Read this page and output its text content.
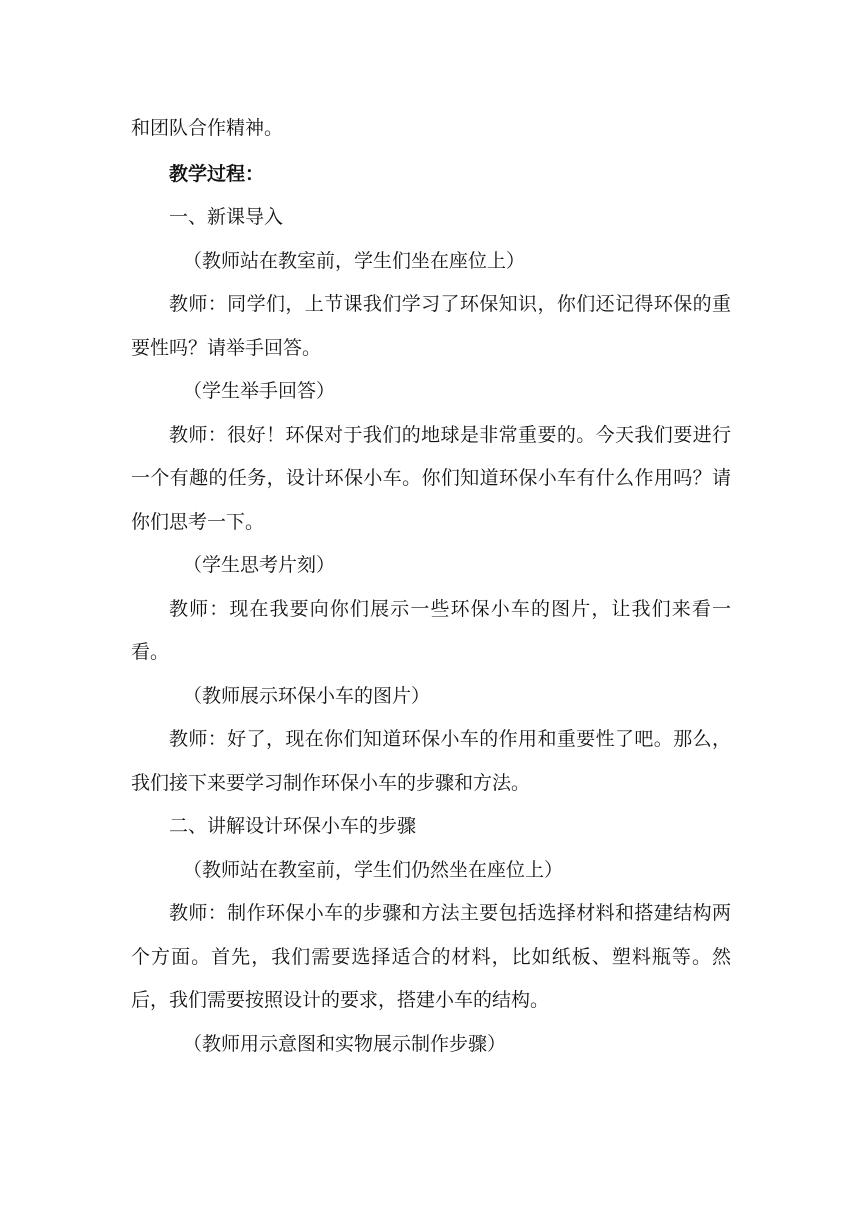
和团队合作精神。

教学过程：

一、新课导入

（教师站在教室前，学生们坐在座位上）

教师：同学们，上节课我们学习了环保知识，你们还记得环保的重要性吗？请举手回答。

（学生举手回答）

教师：很好！环保对于我们的地球是非常重要的。今天我们要进行一个有趣的任务，设计环保小车。你们知道环保小车有什么作用吗？请你们思考一下。

（学生思考片刻）

教师：现在我要向你们展示一些环保小车的图片，让我们来看一看。

（教师展示环保小车的图片）

教师：好了，现在你们知道环保小车的作用和重要性了吧。那么，我们接下来要学习制作环保小车的步骤和方法。

二、讲解设计环保小车的步骤

（教师站在教室前，学生们仍然坐在座位上）

教师：制作环保小车的步骤和方法主要包括选择材料和搭建结构两个方面。首先，我们需要选择适合的材料，比如纸板、塑料瓶等。然后，我们需要按照设计的要求，搭建小车的结构。

（教师用示意图和实物展示制作步骤）
